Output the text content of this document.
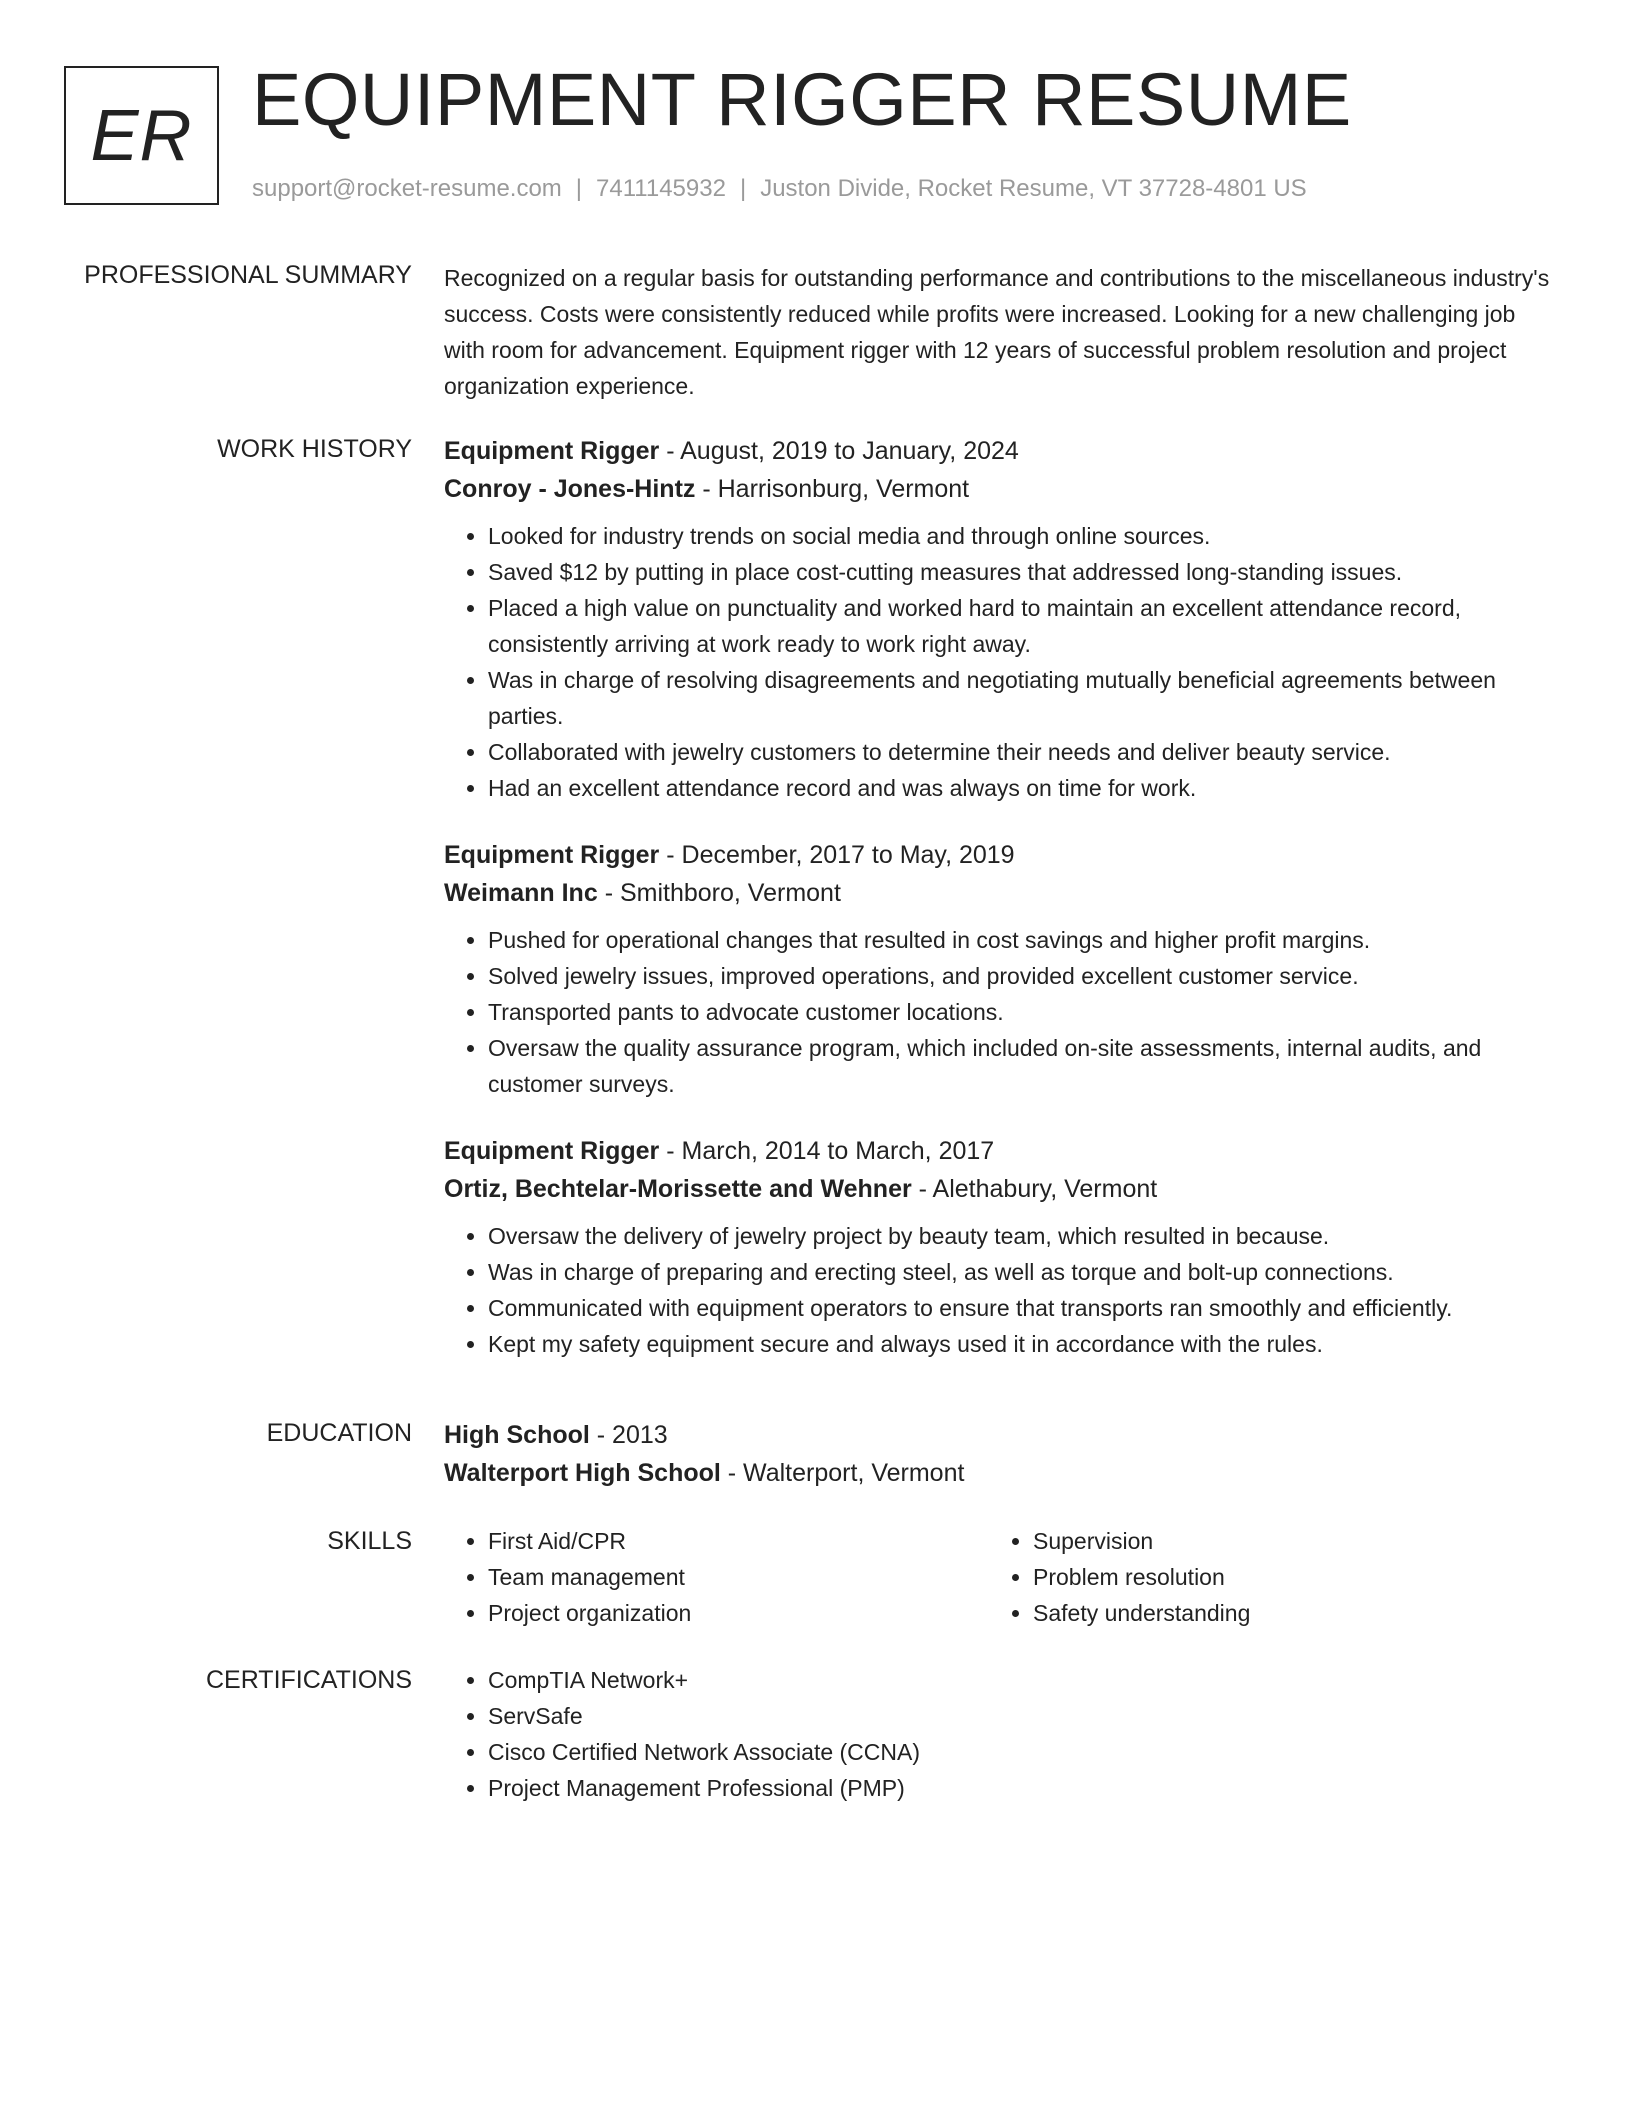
ER EQUIPMENT RIGGER RESUME
support@rocket-resume.com | 7411145932 | Juston Divide, Rocket Resume, VT 37728-4801 US
PROFESSIONAL SUMMARY Recognized on a regular basis for outstanding performance and contributions to the miscellaneous industry's success. Costs were consistently reduced while profits were increased. Looking for a new challenging job with room for advancement. Equipment rigger with 12 years of successful problem resolution and project organization experience.

WORK HISTORY Equipment Rigger - August, 2019 to January, 2024
Conroy - Jones-Hintz - Harrisonburg, Vermont
• Looked for industry trends on social media and through online sources.
• Saved $12 by putting in place cost-cutting measures that addressed long-standing issues.
• Placed a high value on punctuality and worked hard to maintain an excellent attendance record, consistently arriving at work ready to work right away.
• Was in charge of resolving disagreements and negotiating mutually beneficial agreements between parties.
• Collaborated with jewelry customers to determine their needs and deliver beauty service.
• Had an excellent attendance record and was always on time for work.
Equipment Rigger - December, 2017 to May, 2019
Weimann Inc - Smithboro, Vermont
• Pushed for operational changes that resulted in cost savings and higher profit margins.
• Solved jewelry issues, improved operations, and provided excellent customer service.
• Transported pants to advocate customer locations.
• Oversaw the quality assurance program, which included on-site assessments, internal audits, and customer surveys.
Equipment Rigger - March, 2014 to March, 2017
Ortiz, Bechtelar-Morissette and Wehner - Alethabury, Vermont
• Oversaw the delivery of jewelry project by beauty team, which resulted in because.
• Was in charge of preparing and erecting steel, as well as torque and bolt-up connections.
• Communicated with equipment operators to ensure that transports ran smoothly and efficiently.
• Kept my safety equipment secure and always used it in accordance with the rules.
EDUCATION High School - 2013
Walterport High School - Walterport, Vermont
SKILLS	• First Aid/CPR
• Team management
• Project organization
• Supervision
• Problem resolution
• Safety understanding
CERTIFICATIONS	• CompTIA Network+
• ServSafe
• Cisco Certified Network Associate (CCNA)
• Project Management Professional (PMP)
